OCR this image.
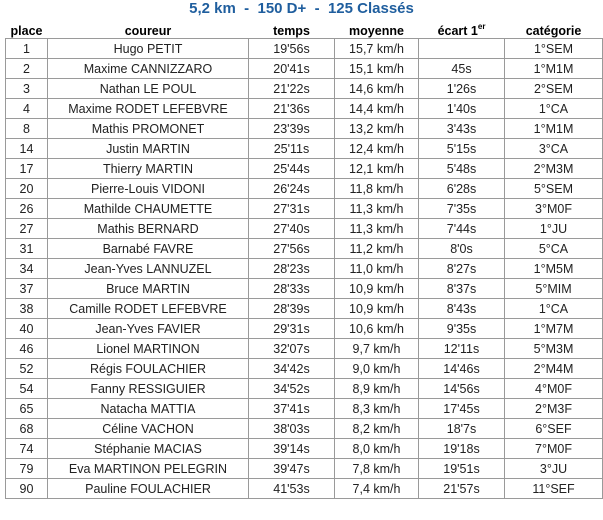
5,2 km  -  150 D+  -  125 Classés
place	coureur	temps	moyenne	écart 1er	catégorie
1	Hugo PETIT	19'56s	15,7 km/h		1°SEM
2	Maxime CANNIZZARO	20'41s	15,1 km/h	45s	1°M1M
3	Nathan LE POUL	21'22s	14,6 km/h	1'26s	2°SEM
4	Maxime RODET LEFEBVRE	21'36s	14,4 km/h	1'40s	1°CA
8	Mathis PROMONET	23'39s	13,2 km/h	3'43s	1°M1M
14	Justin MARTIN	25'11s	12,4 km/h	5'15s	3°CA
17	Thierry MARTIN	25'44s	12,1 km/h	5'48s	2°M3M
20	Pierre-Louis VIDONI	26'24s	11,8 km/h	6'28s	5°SEM
26	Mathilde CHAUMETTE	27'31s	11,3 km/h	7'35s	3°M0F
27	Mathis BERNARD	27'40s	11,3 km/h	7'44s	1°JU
31	Barnabé FAVRE	27'56s	11,2 km/h	8'0s	5°CA
34	Jean-Yves LANNUZEL	28'23s	11,0 km/h	8'27s	1°M5M
37	Bruce MARTIN	28'33s	10,9 km/h	8'37s	5°MIM
38	Camille RODET LEFEBVRE	28'39s	10,9 km/h	8'43s	1°CA
40	Jean-Yves FAVIER	29'31s	10,6 km/h	9'35s	1°M7M
46	Lionel MARTINON	32'07s	9,7 km/h	12'11s	5°M3M
52	Régis FOULACHIER	34'42s	9,0 km/h	14'46s	2°M4M
54	Fanny RESSIGUIER	34'52s	8,9 km/h	14'56s	4°M0F
65	Natacha MATTIA	37'41s	8,3 km/h	17'45s	2°M3F
68	Céline VACHON	38'03s	8,2 km/h	18'7s	6°SEF
74	Stéphanie MACIAS	39'14s	8,0 km/h	19'18s	7°M0F
79	Eva MARTINON PELEGRIN	39'47s	7,8 km/h	19'51s	3°JU
90	Pauline FOULACHIER	41'53s	7,4 km/h	21'57s	11°SEF
